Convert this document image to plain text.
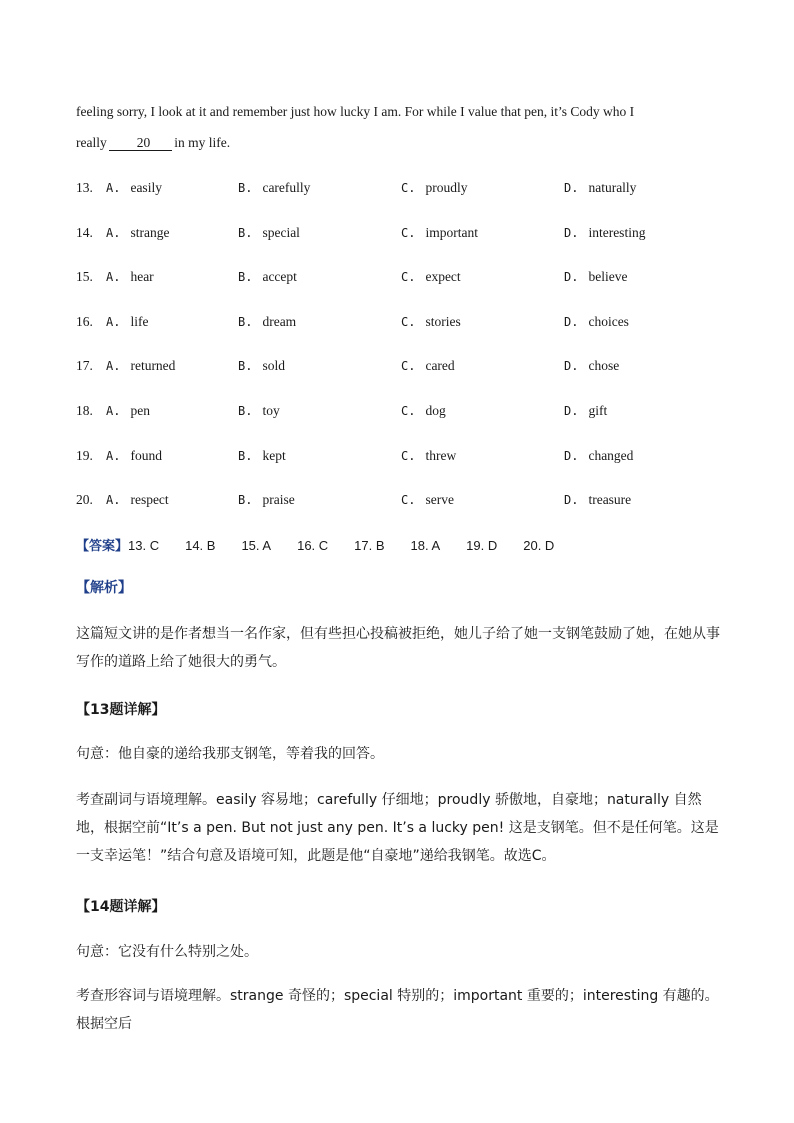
feeling sorry, I look at it and remember just how lucky I am. For while I value that pen, it’s Cody who I
really 20 in my life.
13. A. easily	B. carefully	C. proudly	D. naturally
14. A. strange	B. special	C. important	D. interesting
15. A. hear	B. accept	C. expect	D. believe
16. A. life	B. dream	C. stories	D. choices
17. A. returned	B. sold	C. cared	D. chose
18. A. pen	B. toy	C. dog	D. gift
19. A. found	B. kept	C. threw	D. changed
20. A. respect	B. praise	C. serve	D. treasure
【答案】13. C 14. B 15. A 16. C 17. B 18. A 19. D 20. D
【解析】
这篇短文讲的是作者想当一名作家，但有些担心投稿被拒绝，她儿子给了她一支钢笔鼓励了她，在她从事写作的道路上给了她很大的勇气。
【13题详解】
句意：他自豪的递给我那支钢笔，等着我的回答。
考查副词与语境理解。easily 容易地；carefully 仔细地；proudly 骄傲地，自豪地；naturally 自然地，根据空前“It’s a pen. But not just any pen. It’s a lucky pen! 这是支钢笔。但不是任何笔。这是一支幸运笔！”结合句意及语境可知，此题是他“自豪地”递给我钢笔。故选C。
【14题详解】
句意：它没有什么特别之处。
考查形容词与语境理解。strange 奇怪的；special 特别的；important 重要的；interesting 有趣的。根据空后
